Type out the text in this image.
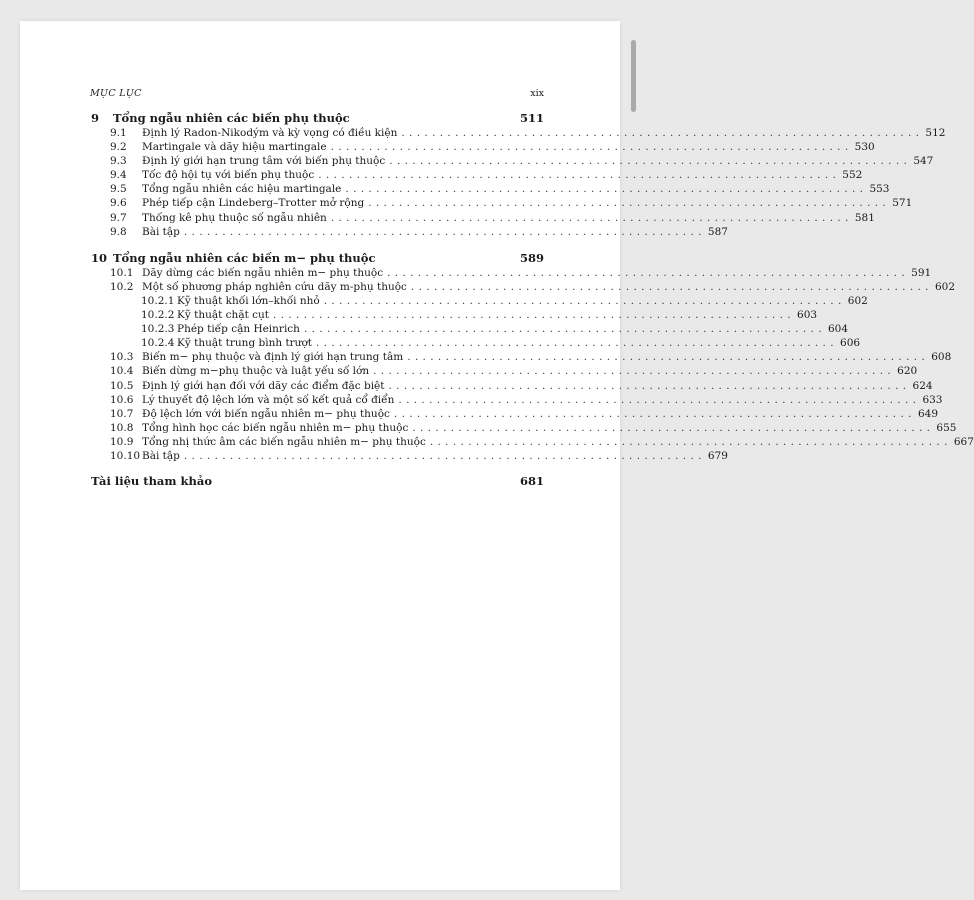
MỤC LỤC	xix
9	Tổng ngẫu nhiên các biến phụ thuộc	511
9.1	Định lý Radon-Nikodým và kỳ vọng có điều kiện . . . . . . . . . . . . . . . . . . . . . . . . . . . . . . . . . . . . . . . . . . . . . . . . . . . . . . . . . . . . . . . . . . . . 512
9.2	Martingale và dãy hiệu martingale . . . . . . . . . . . . . . . . . . . . . . . . . . . . . . . . . . . . . . . . . . . . . . . . . . . . . . . . . . . . . . . . . . . . 530
9.3	Định lý giới hạn trung tâm với biến phụ thuộc . . . . . . . . . . . . . . . . . . . . . . . . . . . . . . . . . . . . . . . . . . . . . . . . . . . . . . . . . . . . . . . . . . . . 547
9.4	Tốc độ hội tụ với biến phụ thuộc . . . . . . . . . . . . . . . . . . . . . . . . . . . . . . . . . . . . . . . . . . . . . . . . . . . . . . . . . . . . . . . . . . . . 552
9.5	Tổng ngẫu nhiên các hiệu martingale . . . . . . . . . . . . . . . . . . . . . . . . . . . . . . . . . . . . . . . . . . . . . . . . . . . . . . . . . . . . . . . . . . . . 553
9.6	Phép tiếp cận Lindeberg–Trotter mở rộng . . . . . . . . . . . . . . . . . . . . . . . . . . . . . . . . . . . . . . . . . . . . . . . . . . . . . . . . . . . . . . . . . . . . 571
9.7	Thống kê phụ thuộc số ngẫu nhiên . . . . . . . . . . . . . . . . . . . . . . . . . . . . . . . . . . . . . . . . . . . . . . . . . . . . . . . . . . . . . . . . . . . . 581
9.8	Bài tập . . . . . . . . . . . . . . . . . . . . . . . . . . . . . . . . . . . . . . . . . . . . . . . . . . . . . . . . . . . . . . . . . . . . 587
10 Tổng ngẫu nhiên các biến m− phụ thuộc	589
10.1 Dãy dừng các biến ngẫu nhiên m− phụ thuộc . . . . . . . . . . . . . . . . . . . . . . . . . . . . . . . . . . . . . . . . . . . . . . . . . . . . . . . . . . . . . . . . . . . . 591
10.2 Một số phương pháp nghiên cứu dãy m-phụ thuộc . . . . . . . . . . . . . . . . . . . . . . . . . . . . . . . . . . . . . . . . . . . . . . . . . . . . . . . . . . . . . . . . . . . . 602
10.2.1 Kỹ thuật khối lớn–khối nhỏ . . . . . . . . . . . . . . . . . . . . . . . . . . . . . . . . . . . . . . . . . . . . . . . . . . . . . . . . . . . . . . . . . . . . 602
10.2.2 Kỹ thuật chặt cụt . . . . . . . . . . . . . . . . . . . . . . . . . . . . . . . . . . . . . . . . . . . . . . . . . . . . . . . . . . . . . . . . . . . . 603
10.2.3 Phép tiếp cận Heinrich . . . . . . . . . . . . . . . . . . . . . . . . . . . . . . . . . . . . . . . . . . . . . . . . . . . . . . . . . . . . . . . . . . . . 604
10.2.4 Kỹ thuật trung bình trượt . . . . . . . . . . . . . . . . . . . . . . . . . . . . . . . . . . . . . . . . . . . . . . . . . . . . . . . . . . . . . . . . . . . . 606
10.3 Biến m− phụ thuộc và định lý giới hạn trung tâm . . . . . . . . . . . . . . . . . . . . . . . . . . . . . . . . . . . . . . . . . . . . . . . . . . . . . . . . . . . . . . . . . . . . 608
10.4 Biến dừng m−phụ thuộc và luật yếu số lớn . . . . . . . . . . . . . . . . . . . . . . . . . . . . . . . . . . . . . . . . . . . . . . . . . . . . . . . . . . . . . . . . . . . . 620
10.5 Định lý giới hạn đối với dãy các điểm đặc biệt . . . . . . . . . . . . . . . . . . . . . . . . . . . . . . . . . . . . . . . . . . . . . . . . . . . . . . . . . . . . . . . . . . . . 624
10.6 Lý thuyết độ lệch lớn và một số kết quả cổ điển . . . . . . . . . . . . . . . . . . . . . . . . . . . . . . . . . . . . . . . . . . . . . . . . . . . . . . . . . . . . . . . . . . . . 633
10.7 Độ lệch lớn với biến ngẫu nhiên m− phụ thuộc . . . . . . . . . . . . . . . . . . . . . . . . . . . . . . . . . . . . . . . . . . . . . . . . . . . . . . . . . . . . . . . . . . . . 649
10.8 Tổng hình học các biến ngẫu nhiên m− phụ thuộc . . . . . . . . . . . . . . . . . . . . . . . . . . . . . . . . . . . . . . . . . . . . . . . . . . . . . . . . . . . . . . . . . . . . 655
10.9 Tổng nhị thức âm các biến ngẫu nhiên m− phụ thuộc . . . . . . . . . . . . . . . . . . . . . . . . . . . . . . . . . . . . . . . . . . . . . . . . . . . . . . . . . . . . . . . . . . . . 667
10.10 Bài tập . . . . . . . . . . . . . . . . . . . . . . . . . . . . . . . . . . . . . . . . . . . . . . . . . . . . . . . . . . . . . . . . . . . . 679
Tài liệu tham khảo	681
